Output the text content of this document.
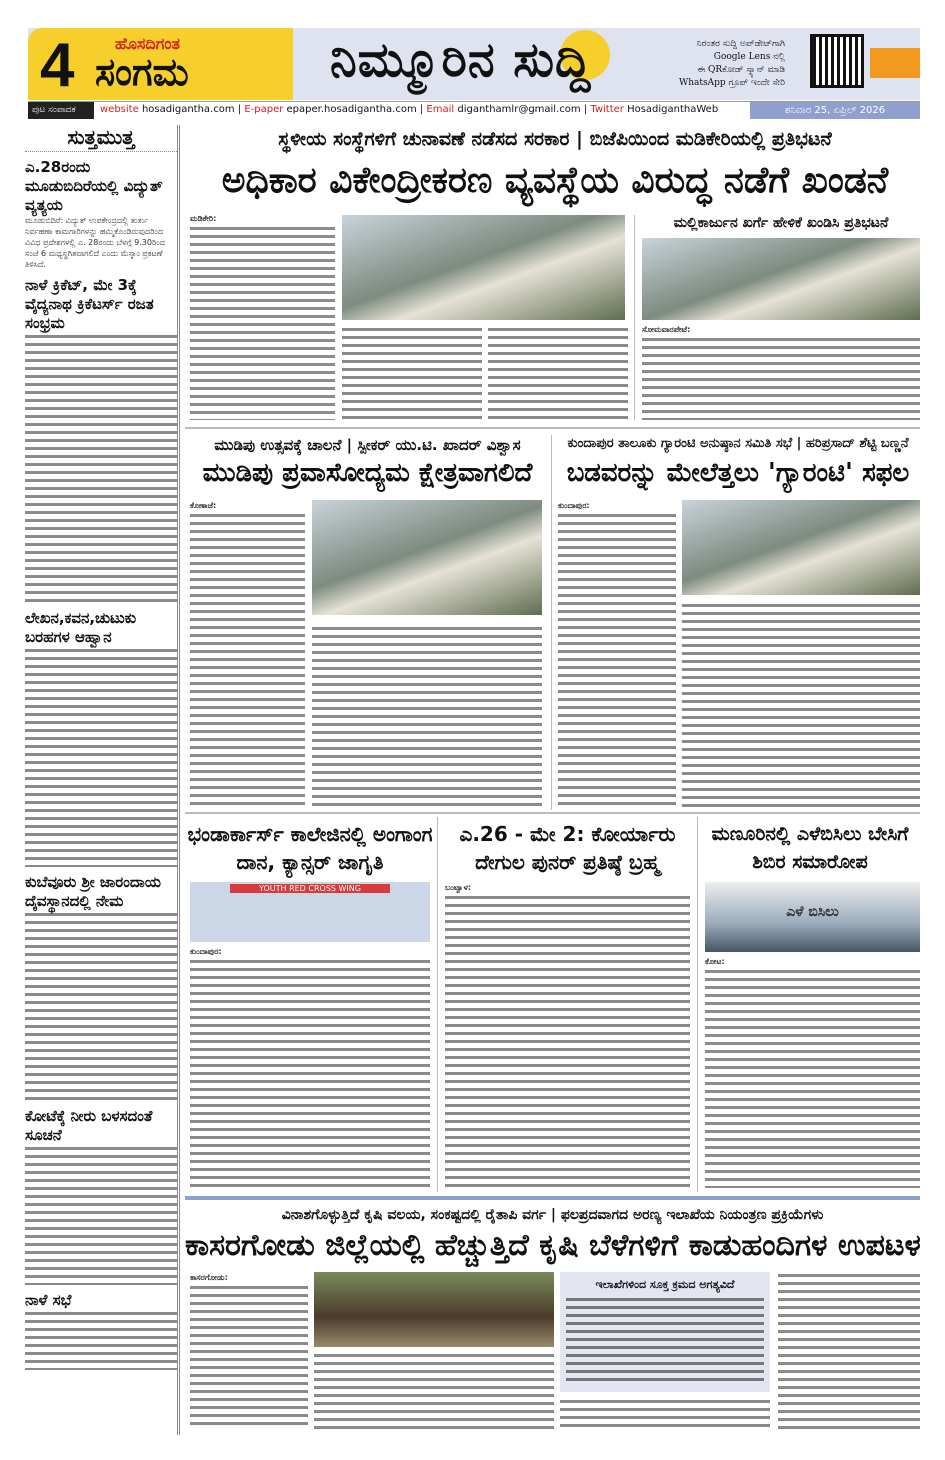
4	ಹೊಸದಿಗಂತ
ಸಂಗಮ	ನಿಮ್ಮೂರಿನ ಸುದ್ದಿ	ನಿರಂತರ ಸುದ್ದಿ ಅಪ್‌ಡೇಟ್‌ಗಾಗಿ
Google Lens ನಲ್ಲಿ
ಈ QRಕೋಡ್ ಸ್ಕ್ಯಾನ್ ಮಾಡಿ
WhatsApp ಗ್ರೂಪ್ ಇಂದೇ ಸೇರಿ
ಪುಟ ಸಂಪಾದಕ	website hosadigantha.com | E-paper epaper.hosadigantha.com | Email diganthamlr@gmail.com | Twitter HosadiganthaWeb	ಶನಿವಾರ 25, ಏಪ್ರಿಲ್ 2026
ಸುತ್ತಮುತ್ತ
ಎ.28ರಂದು ಮೂಡುಬಿದಿರೆಯಲ್ಲಿ ವಿದ್ಯುತ್ ವ್ಯತ್ಯಯ

ಮೂಡುಬಿದಿರೆ: ವಿದ್ಯುತ್ ಉಪಕೇಂದ್ರದಲ್ಲಿ ತುರ್ತು ನಿರ್ವಹಣಾ ಕಾಮಗಾರಿಗಳನ್ನು ಹಮ್ಮಿಕೊಂಡಿರುವುದರಿಂದ ವಿವಿಧ ಪ್ರದೇಶಗಳಲ್ಲಿ ಎ. 28ರಂದು ಬೆಳಗ್ಗೆ 9.30ರಿಂದ ಸಂಜೆ 6 ಮಧ್ಯಸ್ಥಗಿತವಾಗಲಿದೆ ಎಂದು ಮೆಸ್ಕಾಂ ಪ್ರಕಟಣೆ ತಿಳಿಸಿದೆ.

ನಾಳೆ ಕ್ರಿಕೆಟ್, ಮೇ 3ಕ್ಕೆ ವೈದ್ಯನಾಥ ಕ್ರಿಕೆಟರ್ಸ್ ರಜತ ಸಂಭ್ರಮ
ಲೇಖನ,ಕವನ,ಚುಟುಕು ಬರಹಗಳ ಆಹ್ವಾನ
ಕುಬೆವೂರು ಶ್ರೀ ಜಾರಂದಾಯ ದೈವಸ್ಥಾನದಲ್ಲಿ ನೇಮ
ಕೋಟೆಕ್ಕೆ ನೀರು ಬಳಸದಂತೆ ಸೂಚನೆ
ನಾಳೆ ಸಭೆ
ಸ್ಥಳೀಯ ಸಂಸ್ಥೆಗಳಿಗೆ ಚುನಾವಣೆ ನಡೆಸದ ಸರಕಾರ | ಬಿಜೆಪಿಯಿಂದ ಮಡಿಕೇರಿಯಲ್ಲಿ ಪ್ರತಿಭಟನೆ
ಅಧಿಕಾರ ವಿಕೇಂದ್ರೀಕರಣ ವ್ಯವಸ್ಥೆಯ ವಿರುದ್ಧ ನಡೆಗೆ ಖಂಡನೆ
ಮಡಿಕೇರಿ:	ಮಲ್ಲಿಕಾರ್ಜುನ ಖರ್ಗೆ ಹೇಳಿಕೆ ಖಂಡಿಸಿ ಪ್ರತಿಭಟನೆ
ಸೋಮವಾರಪೇಟೆ:
ಮುಡಿಪು ಉತ್ಸವಕ್ಕೆ ಚಾಲನೆ | ಸ್ಪೀಕರ್ ಯು.ಟಿ. ಖಾದರ್ ವಿಶ್ವಾಸ
ಮುಡಿಪು ಪ್ರವಾಸೋದ್ಯಮ ಕ್ಷೇತ್ರವಾಗಲಿದೆ
ಕೊಣಾಜೆ:
ಕುಂದಾಪುರ ತಾಲೂಕು ಗ್ಯಾರಂಟಿ ಅನುಷ್ಠಾನ ಸಮಿತಿ ಸಭೆ | ಹರಿಪ್ರಸಾದ್ ಶೆಟ್ಟಿ ಬಣ್ಣನೆ
ಬಡವರನ್ನು ಮೇಲೆತ್ತಲು 'ಗ್ಯಾರಂಟಿ' ಸಫಲ
ಕುಂದಾಪುರ:
ಭಂಡಾರ್ಕಾರ್ಸ್ ಕಾಲೇಜಿನಲ್ಲಿ ಅಂಗಾಂಗ ದಾನ, ಕ್ಯಾನ್ಸರ್ ಜಾಗೃತಿ
YOUTH RED CROSS WING
ಕುಂದಾಪುರ:
ಎ.26 - ಮೇ 2: ಕೋರ್ಯಾರು ದೇಗುಲ ಪುನರ್ ಪ್ರತಿಷ್ಠೆ ಬ್ರಹ್ಮ
ಬಂಟ್ವಾಳ:
ಮಣೂರಿನಲ್ಲಿ ಎಳೆಬಿಸಿಲು ಬೇಸಿಗೆ ಶಿಬಿರ ಸಮಾರೋಪ
ಎಳೆ ಬಿಸಿಲು
ಕೋಟ:
ವಿನಾಶಗೊಳ್ಳುತ್ತಿದೆ ಕೃಷಿ ವಲಯ, ಸಂಕಷ್ಟದಲ್ಲಿ ರೈತಾಪಿ ವರ್ಗ | ಫಲಪ್ರದವಾಗದ ಅರಣ್ಯ ಇಲಾಖೆಯ ನಿಯಂತ್ರಣ ಪ್ರಕ್ರಿಯೆಗಳು
ಕಾಸರಗೋಡು ಜಿಲ್ಲೆಯಲ್ಲಿ ಹೆಚ್ಚುತ್ತಿದೆ ಕೃಷಿ ಬೆಳೆಗಳಿಗೆ ಕಾಡುಹಂದಿಗಳ ಉಪಟಳ
ಕಾಸರಗೋಡು:
ಇಲಾಖೆಗಳಿಂದ ಸೂಕ್ತ ಕ್ರಮದ ಅಗತ್ಯವಿದೆ
